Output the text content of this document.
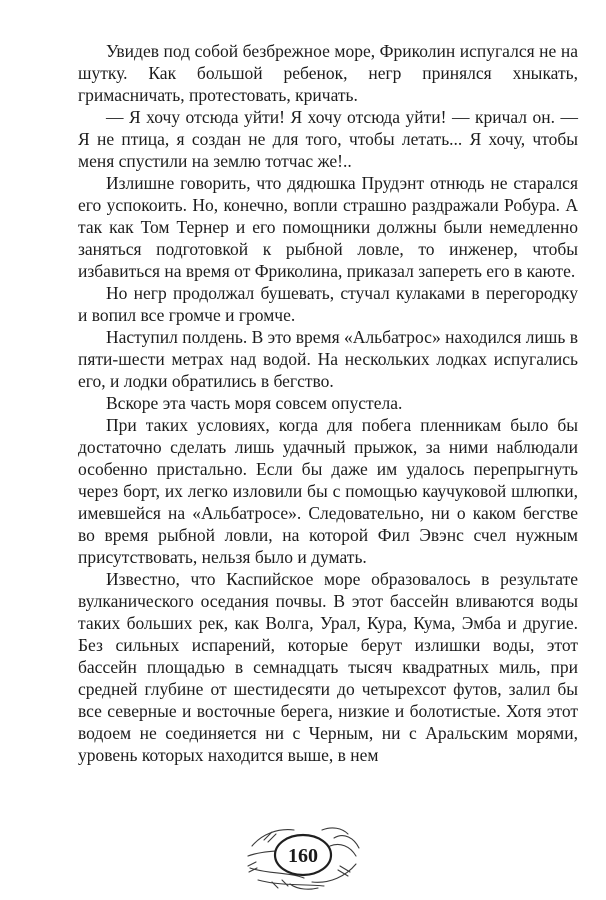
Увидев под собой безбрежное море, Фриколин испугался не на шутку. Как большой ребенок, негр принялся хныкать, гримасничать, протестовать, кричать.

— Я хочу отсюда уйти! Я хочу отсюда уйти! — кричал он. — Я не птица, я создан не для того, чтобы летать... Я хочу, чтобы меня спустили на землю тотчас же!..

Излишне говорить, что дядюшка Прудэнт отнюдь не старался его успокоить. Но, конечно, вопли страшно раздражали Робура. А так как Том Тернер и его помощники должны были немедленно заняться подготовкой к рыбной ловле, то инженер, чтобы избавиться на время от Фриколина, приказал запереть его в каюте.

Но негр продолжал бушевать, стучал кулаками в перегородку и вопил все громче и громче.

Наступил полдень. В это время «Альбатрос» находился лишь в пяти-шести метрах над водой. На нескольких лодках испугались его, и лодки обратились в бегство.

Вскоре эта часть моря совсем опустела.

При таких условиях, когда для побега пленникам было бы достаточно сделать лишь удачный прыжок, за ними наблюдали особенно пристально. Если бы даже им удалось перепрыгнуть через борт, их легко изловили бы с помощью каучуковой шлюпки, имевшейся на «Альбатросе». Следовательно, ни о каком бегстве во время рыбной ловли, на которой Фил Эвэнс счел нужным присутствовать, нельзя было и думать.

Известно, что Каспийское море образовалось в результате вулканического оседания почвы. В этот бассейн вливаются воды таких больших рек, как Волга, Урал, Кура, Кума, Эмба и другие. Без сильных испарений, которые берут излишки воды, этот бассейн площадью в семнадцать тысяч квадратных миль, при средней глубине от шестидесяти до четырехсот футов, залил бы все северные и восточные берега, низкие и болотистые. Хотя этот водоем не соединяется ни с Черным, ни с Аральским морями, уровень которых находится выше, в нем

160
